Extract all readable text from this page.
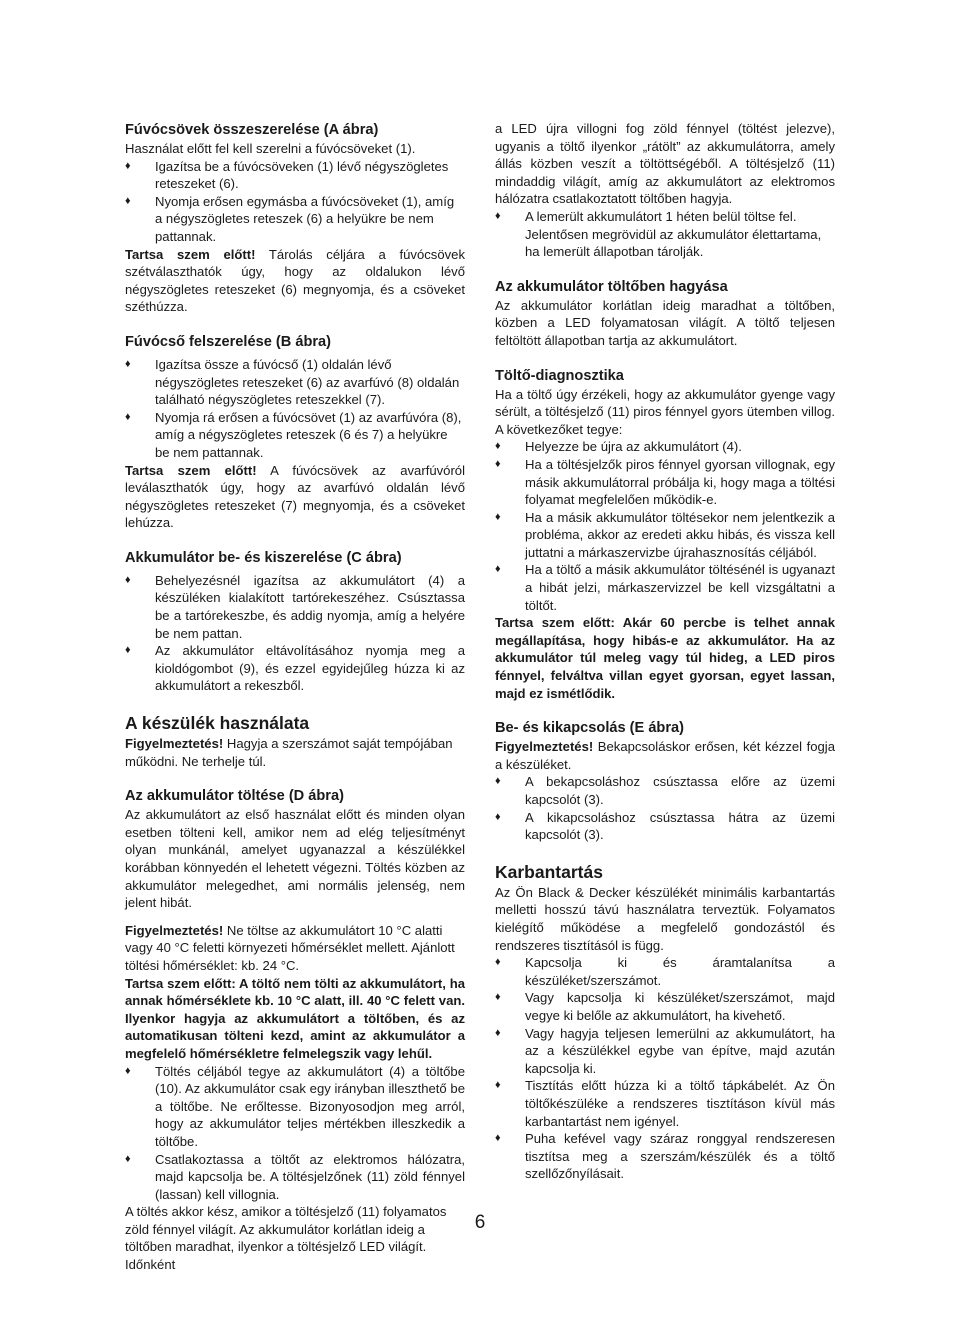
Fúvócsövek összeszerelése (A ábra)

Használat előtt fel kell szerelni a fúvócsöveket (1).

♦	Igazítsa be a fúvócsöveken (1) lévő négyszögletes reteszeket (6).
♦	Nyomja erősen egymásba a fúvócsöveket (1), amíg a négyszögletes reteszek (6) a helyükre be nem pattannak.

Tartsa szem előtt! Tárolás céljára a fúvócsövek szétválaszthatók úgy, hogy az oldalukon lévő négyszögletes reteszeket (6) megnyomja, és a csöveket széthúzza.

Fúvócső felszerelése (B ábra)
♦	Igazítsa össze a fúvócső (1) oldalán lévő négyszögletes reteszeket (6) az avarfúvó (8) oldalán található négyszögletes reteszekkel (7).
♦	Nyomja rá erősen a fúvócsövet (1) az avarfúvóra (8), amíg a négyszögletes reteszek (6 és 7) a helyükre be nem pattannak.

Tartsa szem előtt! A fúvócsövek az avarfúvóról leválaszthatók úgy, hogy az avarfúvó oldalán lévő négyszögletes reteszeket (7) megnyomja, és a csöveket lehúzza.

Akkumulátor be- és kiszerelése (C ábra)
♦	Behelyezésnél igazítsa az akkumulátort (4) a készüléken kialakított tartórekeszéhez. Csúsztassa be a tartórekeszbe, és addig nyomja, amíg a helyére be nem pattan.
♦	Az akkumulátor eltávolításához nyomja meg a kioldógombot (9), és ezzel egyidejűleg húzza ki az akkumulátort a rekeszből.
A készülék használata

Figyelmeztetés! Hagyja a szerszámot saját tempójában működni. Ne terhelje túl.

Az akkumulátor töltése (D ábra)

Az akkumulátort az első használat előtt és minden olyan esetben tölteni kell, amikor nem ad elég teljesítményt olyan munkánál, amelyet ugyanazzal a készülékkel korábban könnyedén el lehetett végezni. Töltés közben az akkumulátor melegedhet, ami normális jelenség, nem jelent hibát.

Figyelmeztetés! Ne töltse az akkumulátort 10 °C alatti vagy 40 °C feletti környezeti hőmérséklet mellett. Ajánlott töltési hőmérséklet: kb. 24 °C.

Tartsa szem előtt: A töltő nem tölti az akkumulátort, ha annak hőmérséklete kb. 10 °C alatt, ill. 40 °C felett van. Ilyenkor hagyja az akkumulátort a töltőben, és az automatikusan tölteni kezd, amint az akkumulátor a megfelelő hőmérsékletre felmelegszik vagy lehűl.

♦	Töltés céljából tegye az akkumulátort (4) a töltőbe (10). Az akkumulátor csak egy irányban illeszthető be a töltőbe. Ne erőltesse. Bizonyosodjon meg arról, hogy az akkumulátor teljes mértékben illeszkedik a töltőbe.
♦	Csatlakoztassa a töltőt az elektromos hálózatra, majd kapcsolja be. A töltésjelzőnek (11) zöld fénnyel (lassan) kell villognia.

A töltés akkor kész, amikor a töltésjelző (11) folyamatos zöld fénnyel világít. Az akkumulátor korlátlan ideig a töltőben maradhat, ilyenkor a töltésjelző LED világít. Időnként

a LED újra villogni fog zöld fénnyel (töltést jelezve), ugyanis a töltő ilyenkor „rátölt” az akkumulátorra, amely állás közben veszít a töltöttségéből. A töltésjelző (11) mindaddig világít, amíg az akkumulátort az elektromos hálózatra csatlakoztatott töltőben hagyja.

♦	A lemerült akkumulátort 1 héten belül töltse fel. Jelentősen megrövidül az akkumulátor élettartama, ha lemerült állapotban tárolják.
Az akkumulátor töltőben hagyása

Az akkumulátor korlátlan ideig maradhat a töltőben, közben a LED folyamatosan világít. A töltő teljesen feltöltött állapotban tartja az akkumulátort.

Töltő-diagnosztika

Ha a töltő úgy érzékeli, hogy az akkumulátor gyenge vagy sérült, a töltésjelző (11) piros fénnyel gyors ütemben villog. A következőket tegye:

♦	Helyezze be újra az akkumulátort (4).
♦	Ha a töltésjelzők piros fénnyel gyorsan villognak, egy másik akkumulátorral próbálja ki, hogy maga a töltési folyamat megfelelően működik-e.
♦	Ha a másik akkumulátor töltésekor nem jelentkezik a probléma, akkor az eredeti akku hibás, és vissza kell juttatni a márkaszervizbe újrahasznosítás céljából.
♦	Ha a töltő a másik akkumulátor töltésénél is ugyanazt a hibát jelzi, márkaszervizzel be kell vizsgáltatni a töltőt.

Tartsa szem előtt: Akár 60 percbe is telhet annak megállapítása, hogy hibás-e az akkumulátor. Ha az akkumulátor túl meleg vagy túl hideg, a LED piros fénnyel, felváltva villan egyet gyorsan, egyet lassan, majd ez ismétlődik.

Be- és kikapcsolás (E ábra)

Figyelmeztetés! Bekapcsoláskor erősen, két kézzel fogja a készüléket.

♦	A bekapcsoláshoz csúsztassa előre az üzemi kapcsolót (3).
♦	A kikapcsoláshoz csúsztassa hátra az üzemi kapcsolót (3).
Karbantartás

Az Ön Black & Decker készülékét minimális karbantartás melletti hosszú távú használatra terveztük. Folyamatos kielégítő működése a megfelelő gondozástól és rendszeres tisztításól is függ.

♦	Kapcsolja ki és áramtalanítsa a készüléket/szerszámot.
♦	Vagy kapcsolja ki készüléket/szerszámot, majd vegye ki belőle az akkumulátort, ha kivehető.
♦	Vagy hagyja teljesen lemerülni az akkumulátort, ha az a készülékkel egybe van építve, majd azután kapcsolja ki.
♦	Tisztítás előtt húzza ki a töltő tápkábelét. Az Ön töltőkészüléke a rendszeres tisztításon kívül más karbantartást nem igényel.
♦	Puha kefével vagy száraz ronggyal rendszeresen tisztítsa meg a szerszám/készülék és a töltő szellőzőnyílásait.
6
